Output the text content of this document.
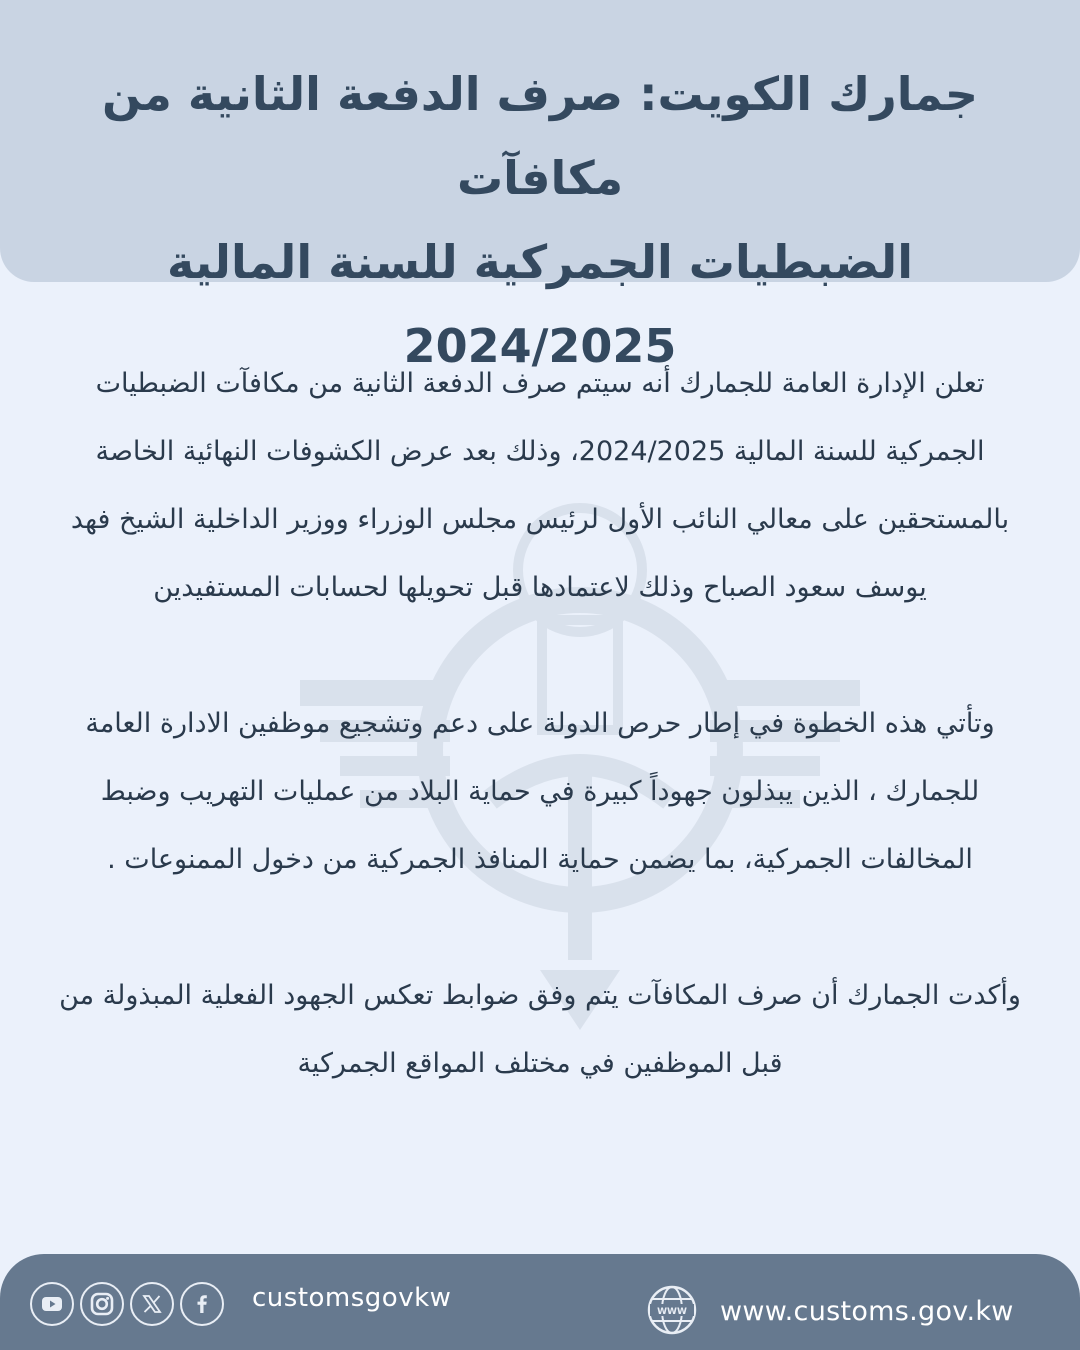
جمارك الكويت: صرف الدفعة الثانية من مكافآت
الضبطيات الجمركية للسنة المالية 2024/2025

تعلن الإدارة العامة للجمارك أنه سيتم صرف الدفعة الثانية من مكافآت الضبطيات الجمركية للسنة المالية 2024/2025، وذلك بعد عرض الكشوفات النهائية الخاصة بالمستحقين على معالي النائب الأول لرئيس مجلس الوزراء ووزير الداخلية الشيخ فهد يوسف سعود الصباح وذلك لاعتمادها قبل تحويلها لحسابات المستفيدين

وتأتي هذه الخطوة في إطار حرص الدولة على دعم وتشجيع موظفين الادارة العامة للجمارك ، الذين يبذلون جهوداً كبيرة في حماية البلاد من عمليات التهريب وضبط المخالفات الجمركية، بما يضمن حماية المنافذ الجمركية من دخول الممنوعات .

وأكدت الجمارك أن صرف المكافآت يتم وفق ضوابط تعكس الجهود الفعلية المبذولة من قبل الموظفين في مختلف المواقع الجمركية

customsgovkw	WWW www.customs.gov.kw
